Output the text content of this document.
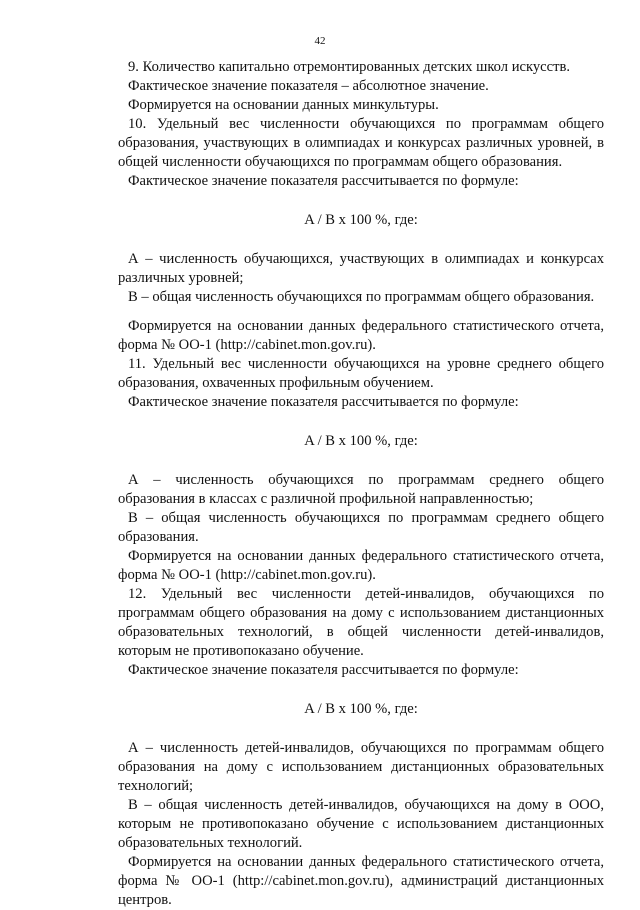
42

9. Количество капитально отремонтированных детских школ искусств.

Фактическое значение показателя – абсолютное значение.

Формируется на основании данных минкультуры.

10. Удельный вес численности обучающихся по программам общего образования, участвующих в олимпиадах и конкурсах различных уровней, в общей численности обучающихся по программам общего образования.

Фактическое значение показателя рассчитывается по формуле:

A / B x 100 %, где:

А – численность обучающихся, участвующих в олимпиадах и конкурсах различных уровней;

В – общая численность обучающихся по программам общего образования.

Формируется на основании данных федерального статистического отчета, форма № ОО-1 (http://cabinet.mon.gov.ru).

11. Удельный вес численности обучающихся на уровне среднего общего образования, охваченных профильным обучением.

Фактическое значение показателя рассчитывается по формуле:

A / B x 100 %, где:

А – численность обучающихся по программам среднего общего образования в классах с различной профильной направленностью;

В – общая численность обучающихся по программам среднего общего образования.

Формируется на основании данных федерального статистического отчета, форма № ОО-1 (http://cabinet.mon.gov.ru).

12. Удельный вес численности детей-инвалидов, обучающихся по программам общего образования на дому с использованием дистанционных образовательных технологий, в общей численности детей-инвалидов, которым не противопоказано обучение.

Фактическое значение показателя рассчитывается по формуле:

A / B x 100 %, где:

А – численность детей-инвалидов, обучающихся по программам общего образования на дому с использованием дистанционных образовательных технологий;

В – общая численность детей-инвалидов, обучающихся на дому в ООО, которым не противопоказано обучение с использованием дистанционных образовательных технологий.

Формируется на основании данных федерального статистического отчета, форма № ОО-1 (http://cabinet.mon.gov.ru), администраций дистанционных центров.
